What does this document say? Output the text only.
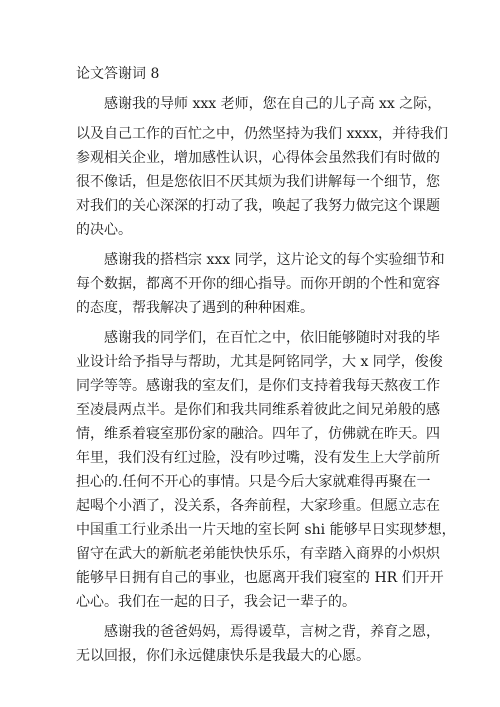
论文答谢词 8
感谢我的导师 xxx 老师，您在自己的儿子高 xx 之际，
以及自己工作的百忙之中，仍然坚持为我们 xxxx，并待我们
参观相关企业，增加感性认识，心得体会虽然我们有时做的
很不像话，但是您依旧不厌其烦为我们讲解每一个细节，您
对我们的关心深深的打动了我，唤起了我努力做完这个课题
的决心。
感谢我的搭档宗 xxx 同学，这片论文的每个实验细节和
每个数据，都离不开你的细心指导。而你开朗的个性和宽容
的态度，帮我解决了遇到的种种困难。
感谢我的同学们，在百忙之中，依旧能够随时对我的毕
业设计给予指导与帮助，尤其是阿铭同学，大 x 同学，俊俊
同学等等。感谢我的室友们，是你们支持着我每天熬夜工作
至凌晨两点半。是你们和我共同维系着彼此之间兄弟般的感
情，维系着寝室那份家的融洽。四年了，仿佛就在昨天。四
年里，我们没有红过脸，没有吵过嘴，没有发生上大学前所
担心的.任何不开心的事情。只是今后大家就难得再聚在一
起喝个小酒了，没关系，各奔前程，大家珍重。但愿立志在
中国重工行业杀出一片天地的室长阿 shi 能够早日实现梦想，
留守在武大的新航老弟能快快乐乐，有幸踏入商界的小炽炽
能够早日拥有自己的事业，也愿离开我们寝室的 HR 们开开
心心。我们在一起的日子，我会记一辈子的。
感谢我的爸爸妈妈，焉得谖草，言树之背，养育之恩，
无以回报，你们永远健康快乐是我最大的心愿。
